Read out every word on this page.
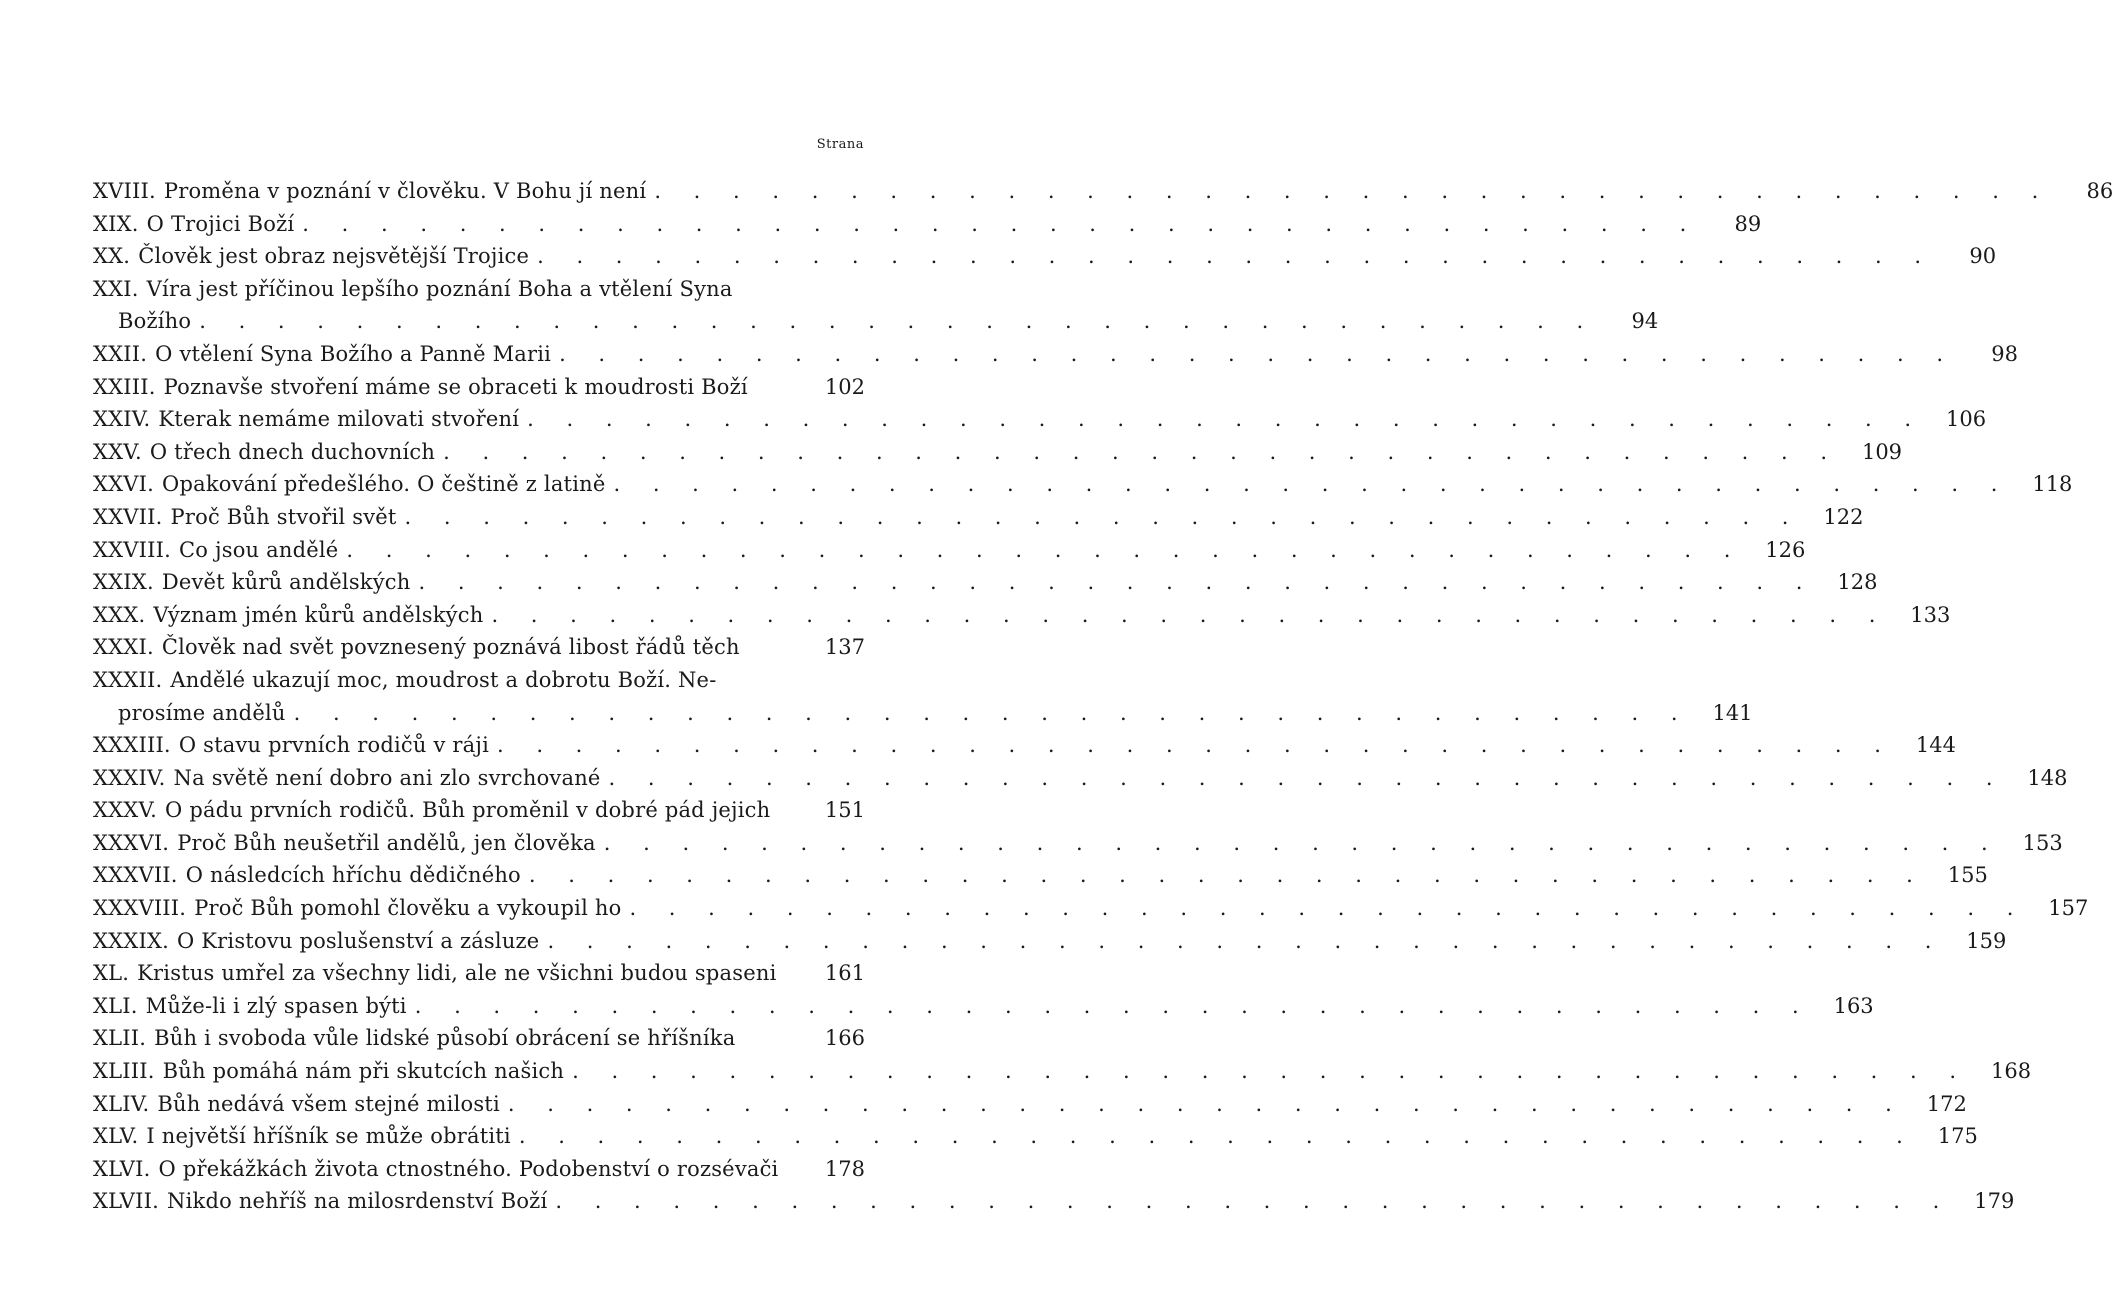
Strana
XVIII. Proměna v poznání v člověku. V Bohu jí není . . .	86
XIX. O Trojici Boží . . .	89
XX. Člověk jest obraz nejsvětější Trojice . . .	90
XXI. Víra jest příčinou lepšího poznání Boha a vtělení Syna
Božího . . .	94
XXII. O vtělení Syna Božího a Panně Marii . . .	98
XXIII. Poznavše stvoření máme se obraceti k moudrosti Boží	102
XXIV. Kterak nemáme milovati stvoření . . .	106
XXV. O třech dnech duchovních . . .	109
XXVI. Opakování předešlého. O češtině z latině . . .	118
XXVII. Proč Bůh stvořil svět . . .	122
XXVIII. Co jsou andělé . . .	126
XXIX. Devět kůrů andělských . . .	128
XXX. Význam jmén kůrů andělských . . .	133
XXXI. Člověk nad svět povznesený poznává libost řádů těch	137
XXXII. Andělé ukazují moc, moudrost a dobrotu Boží. Ne-
prosíme andělů . . .	141
XXXIII. O stavu prvních rodičů v ráji . . .	144
XXXIV. Na světě není dobro ani zlo svrchované . . .	148
XXXV. O pádu prvních rodičů. Bůh proměnil v dobré pád jejich	151
XXXVI. Proč Bůh neušetřil andělů, jen člověka . . .	153
XXXVII. O následcích hříchu dědičného . . .	155
XXXVIII. Proč Bůh pomohl člověku a vykoupil ho . . .	157
XXXIX. O Kristovu poslušenství a zásluze . . .	159
XL. Kristus umřel za všechny lidi, ale ne všichni budou spaseni	161
XLI. Může-li i zlý spasen býti . . .	163
XLII. Bůh i svoboda vůle lidské působí obrácení se hříšníka	166
XLIII. Bůh pomáhá nám při skutcích našich . . .	168
XLIV. Bůh nedává všem stejné milosti . . .	172
XLV. I největší hříšník se může obrátiti . . .	175
XLVI. O překážkách života ctnostného. Podobenství o rozsévači	178
XLVII. Nikdo nehříš na milosrdenství Boží . . .	179
